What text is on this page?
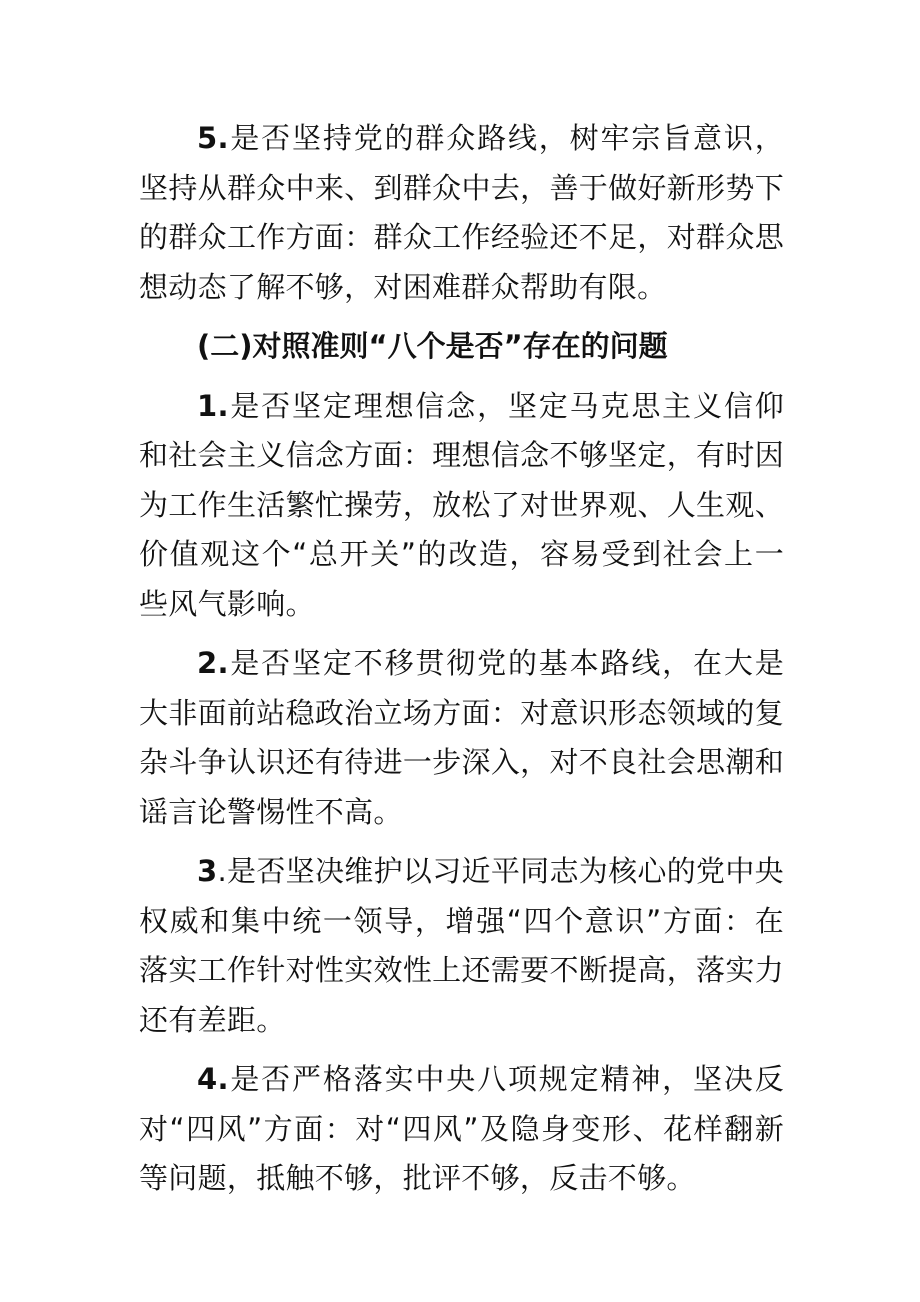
5.是否坚持党的群众路线，树牢宗旨意识，坚持从群众中来、到群众中去，善于做好新形势下的群众工作方面：群众工作经验还不足，对群众思想动态了解不够，对困难群众帮助有限。

(二)对照准则“八个是否”存在的问题

1.是否坚定理想信念，坚定马克思主义信仰和社会主义信念方面：理想信念不够坚定，有时因为工作生活繁忙操劳，放松了对世界观、人生观、价值观这个“总开关”的改造，容易受到社会上一些风气影响。

2.是否坚定不移贯彻党的基本路线，在大是大非面前站稳政治立场方面：对意识形态领域的复杂斗争认识还有待进一步深入，对不良社会思潮和谣言论警惕性不高。

3.是否坚决维护以习近平同志为核心的党中央权威和集中统一领导，增强“四个意识”方面：在落实工作针对性实效性上还需要不断提高，落实力还有差距。

4.是否严格落实中央八项规定精神，坚决反对“四风”方面：对“四风”及隐身变形、花样翻新等问题，抵触不够，批评不够，反击不够。
